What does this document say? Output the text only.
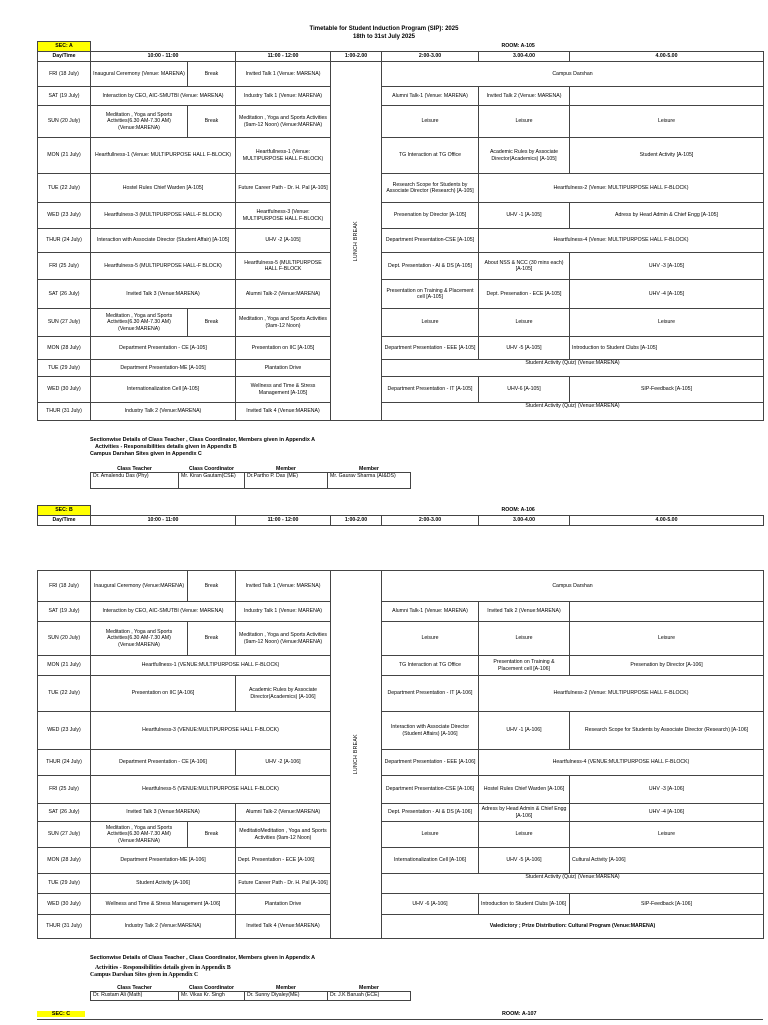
Timetable for Student Induction Program (SIP): 2025
18th to 31st July 2025
SEC: A					ROOM: A-105		
Day/Time	10:00 - 11:00		11:00 - 12:00	1:00-2.00	2:00-3.00	3.00-4.00	4.00-5.00
FRI (18 July)	Inaugural Ceremony (Venue: MARENA)	Break	Invited Talk 1 (Venue: MARENA)	LUNCH BREAK	Campus Darshan		
SAT (19 July)	Interaction by CEO, AIC-SMUTBI (Venue: MARENA)		Industry Talk 1 (Venue: MARENA)		Alumni Talk-1 (Venue: MARENA)	Invited Talk 2 (Venue: MARENA)	
SUN (20 July)	Meditation , Yoga and Sports Activities(6.30 AM-7.30 AM) (Venue:MARENA)	Break	Meditation , Yoga and Sports Activities (9am-12 Noon) (Venue:MARENA)		Leisure	Leisure	Leisure
MON (21 July)	Heartfullness-1 (Venue: MULTIPURPOSE HALL F-BLOCK)		Heartfullness-1 (Venue: MULTIPURPOSE HALL F-BLOCK)		TG Interaction at TG Office	Academic Rules by Associate Director(Academics) [A-105]	Student Activity [A-105]
TUE (22 July)	Hostel Rules Chief Warden [A-105]		Future Career Path - Dr. H. Pal [A-105]		Research Scope for Students by Associate Director (Research) [A-105]	Heartfulness-2 (Venue: MULTIPURPOSE HALL F-BLOCK)	
WED (23 July)	Heartfulness-3 (MULTIPURPOSE HALL-F BLOCK)		Heartfulness-3 (Venue: MULTIPURPOSE HALL F-BLOCK)		Presenation by Director [A-105]	UHV -1 [A-105]	Adress by Head Admin & Chief Engg [A-105]
THUR (24 July)	Interaction with Associate Director (Student Affair) [A-105]		UHV -2 [A-105]		Department Presentation-CSE [A-105]	Heartfulness-4 (Venue: MULTIPURPOSE HALL F-BLOCK)	
FRI (25 July)	Heartfulness-5 (MULTIPURPOSE HALL-F BLOCK)		Heartfulness-5 (MULTIPURPOSE HALL F-BLOCK		Dept. Presentation - AI & DS [A-105]	About NSS & NCC (30 mins each) [A-105]	UHV -3 [A-105]
SAT (26 July)	Invited Talk 3 (Venue:MARENA)		Alumni Talk-2 (Venue:MARENA)		Presentation on Training & Placement cell [A-105]	Dept. Presenation - ECE [A-105]	UHV -4 [A-105]
SUN (27 July)	Meditation , Yoga and Sports Activities(6.30 AM-7.30 AM) (Venue:MARENA)	Break	Meditation , Yoga and Sports Activities (9am-12 Noon)		Leisure	Leisure	Leisure
MON (28 July)	Department Presentation - CE [A-105]		Presentation on IIC [A-105]		Department Presentation - EEE [A-105]	UHV -5 [A-105]	Introduction to Student Clubs [A-105]
TUE (29 July)	Department Presentation-ME [A-105]		Plantation Drive		Student Activity (Quiz) (Venue:MARENA)		
WED (30 July)	Internationalization Cell [A-105]		Wellness and Time & Stress Management [A-105]		Department Presentation - IT [A-105]	UHV-6 [A-105]	SIP-Feedback [A-105]
THUR (31 July)	Industry Talk 2 (Venue:MARENA)		Invited Talk 4 (Venue:MARENA)		Student Activity (Quiz) (Venue:MARENA)		
Sectionwise Details of Class Teacher , Class Coordinator, Members given in Appendix A
Activities - Responsibilities details given in Appendix B
Campus Darshan Sites given in Appendix C
Class Teacher	Class Coordinator	Member	Member
Dr. Amalendu Das (Phy)	Mr. Kiran Gautam(CSE)	Dr.Partho P. Das (ME)	Mr. Gaurav Sharma (AI&DS)
SEC: B				ROOM: A-106		
Day/Time	10:00 - 11:00	11:00 - 12:00	1:00-2.00	2:00-3.00	3.00-4.00	4.00-5.00
FRI (18 July)	Inaugural Ceremony (Venue:MARENA)	Break	Invited Talk 1 (Venue: MARENA)	LUNCH BREAK	Campus Darshan		
SAT (19 July)	Interaction by CEO, AIC-SMUTBI (Venue: MARENA)		Industry Talk 1 (Venue: MARENA)		Alumni Talk-1 (Venue: MARENA)	Invited Talk 2 (Venue:MARENA)	
SUN (20 July)	Meditation , Yoga and Sports Activities(6.30 AM-7.30 AM) (Venue:MARENA)	Break	Meditation , Yoga and Sports Activities (9am-12 Noon) (Venue:MARENA)		Leisure	Leisure	Leisure
MON (21 July)	Heartfullness-1 (VENUE:MULTIPURPOSE HALL F-BLOCK)				TG Interaction at TG Office	Presentation on Training & Placement cell [A-106]	Presenation by Director [A-106]
TUE (22 July)	Presentation on IIC [A-106]		Academic Rules by Associate Director(Academics) [A-106]		Department Presentation - IT [A-106]	Heartfulness-2 (Venue: MULTIPURPOSE HALL F-BLOCK)	
WED (23 July)	Heartfulness-3 (VENUE:MULTIPURPOSE HALL F-BLOCK)				Interaction with Associate Director (Student Affairs) [A-106]	UHV -1 [A-106]	Research Scope for Students by Associate Director (Research) [A-106]
THUR (24 July)	Department Presentation - CE [A-106]		UHV -2 [A-106]		Department Presentation - EEE [A-106]	Heartfulness-4 (VENUE:MULTIPURPOSE HALL F-BLOCK)	
FRI (25 July)	Heartfulness-5 (VENUE:MULTIPURPOSE HALL F-BLOCK)				Department Presentation-CSE [A-106]	Hostel Rules Chief Warden [A-106]	UHV -3 [A-106]
SAT (26 July)	Invited Talk 3 (Venue:MARENA)		Alumni Talk-2 (Venue:MARENA)		Dept. Presentation - AI & DS [A-106]	Adress by Head Admin & Chief Engg [A-106]	UHV -4 [A-106]
SUN (27 July)	Meditation , Yoga and Sports Activities(6.30 AM-7.30 AM) (Venue:MARENA)	Break	MeditatioMeditation , Yoga and Sports Activities (9am-12 Noon)		Leisure	Leisure	Leisure
MON (28 July)	Department Presentation-ME [A-106]		Dept. Presentation - ECE [A-106]		Internationalization Cell [A-106]	UHV -5 [A-106]	Cultural Activity [A-106]
TUE (29 July)	Student Activity [A-106]		Future Career Path - Dr. H. Pal [A-106]		Student Activity (Quiz) (Venue:MARENA)		
WED (30 July)	Wellness and Time & Stress Management [A-106]		Plantation Drive		UHV -6 [A-106]	Introduction to Student Clubs [A-106]	SIP-Feedback [A-106]
THUR (31 July)	Industry Talk 2 (Venue:MARENA)		Invited Talk 4 (Venue:MARENA)		Valedictory ; Prize Distribution: Cultural Program (Venue:MARENA)		
Sectionwise Details of Class Teacher , Class Coordinator, Members given in Appendix A
Activities - Responsibilities details given in Appendix B
Campus Darshan Sites given in Appendix C
Class Teacher	Class Coordinator	Member	Member
Dr. Rustam Ali (Math)	Mr. Vikas Kr. Singh	Dr. Sunny Diyaley(ME)	Dr. J.K Baruah (ECE)
SEC: C	ROOM: A-107
